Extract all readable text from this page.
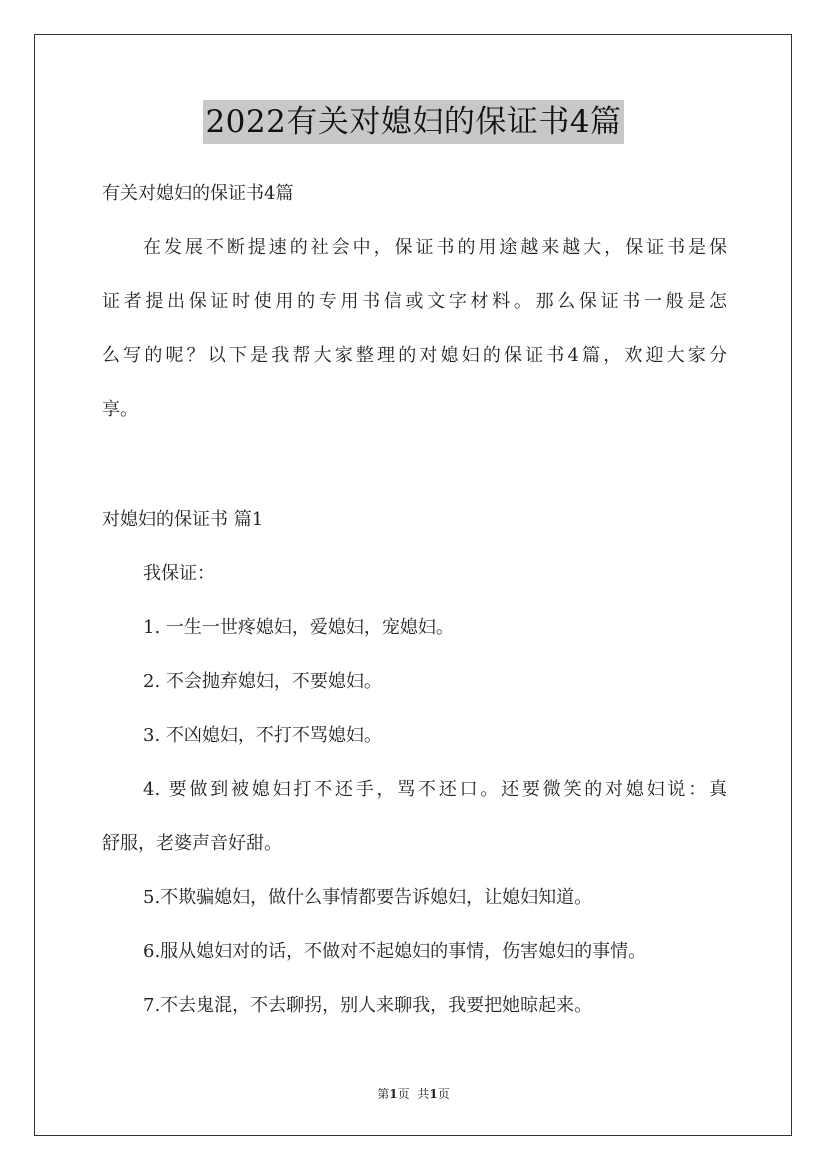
2022有关对媳妇的保证书4篇
有关对媳妇的保证书4篇
在发展不断提速的社会中，保证书的用途越来越大，保证书是保
证者提出保证时使用的专用书信或文字材料。那么保证书一般是怎
么写的呢？以下是我帮大家整理的对媳妇的保证书4篇，欢迎大家分
享。
对媳妇的保证书 篇1
我保证：
1. 一生一世疼媳妇，爱媳妇，宠媳妇。
2. 不会抛弃媳妇，不要媳妇。
3. 不凶媳妇，不打不骂媳妇。
4. 要做到被媳妇打不还手，骂不还口。还要微笑的对媳妇说：真
舒服，老婆声音好甜。
5.不欺骗媳妇，做什么事情都要告诉媳妇，让媳妇知道。
6.服从媳妇对的话，不做对不起媳妇的事情，伤害媳妇的事情。
7.不去鬼混，不去聊拐，别人来聊我，我要把她晾起来。
第1页 共1页
